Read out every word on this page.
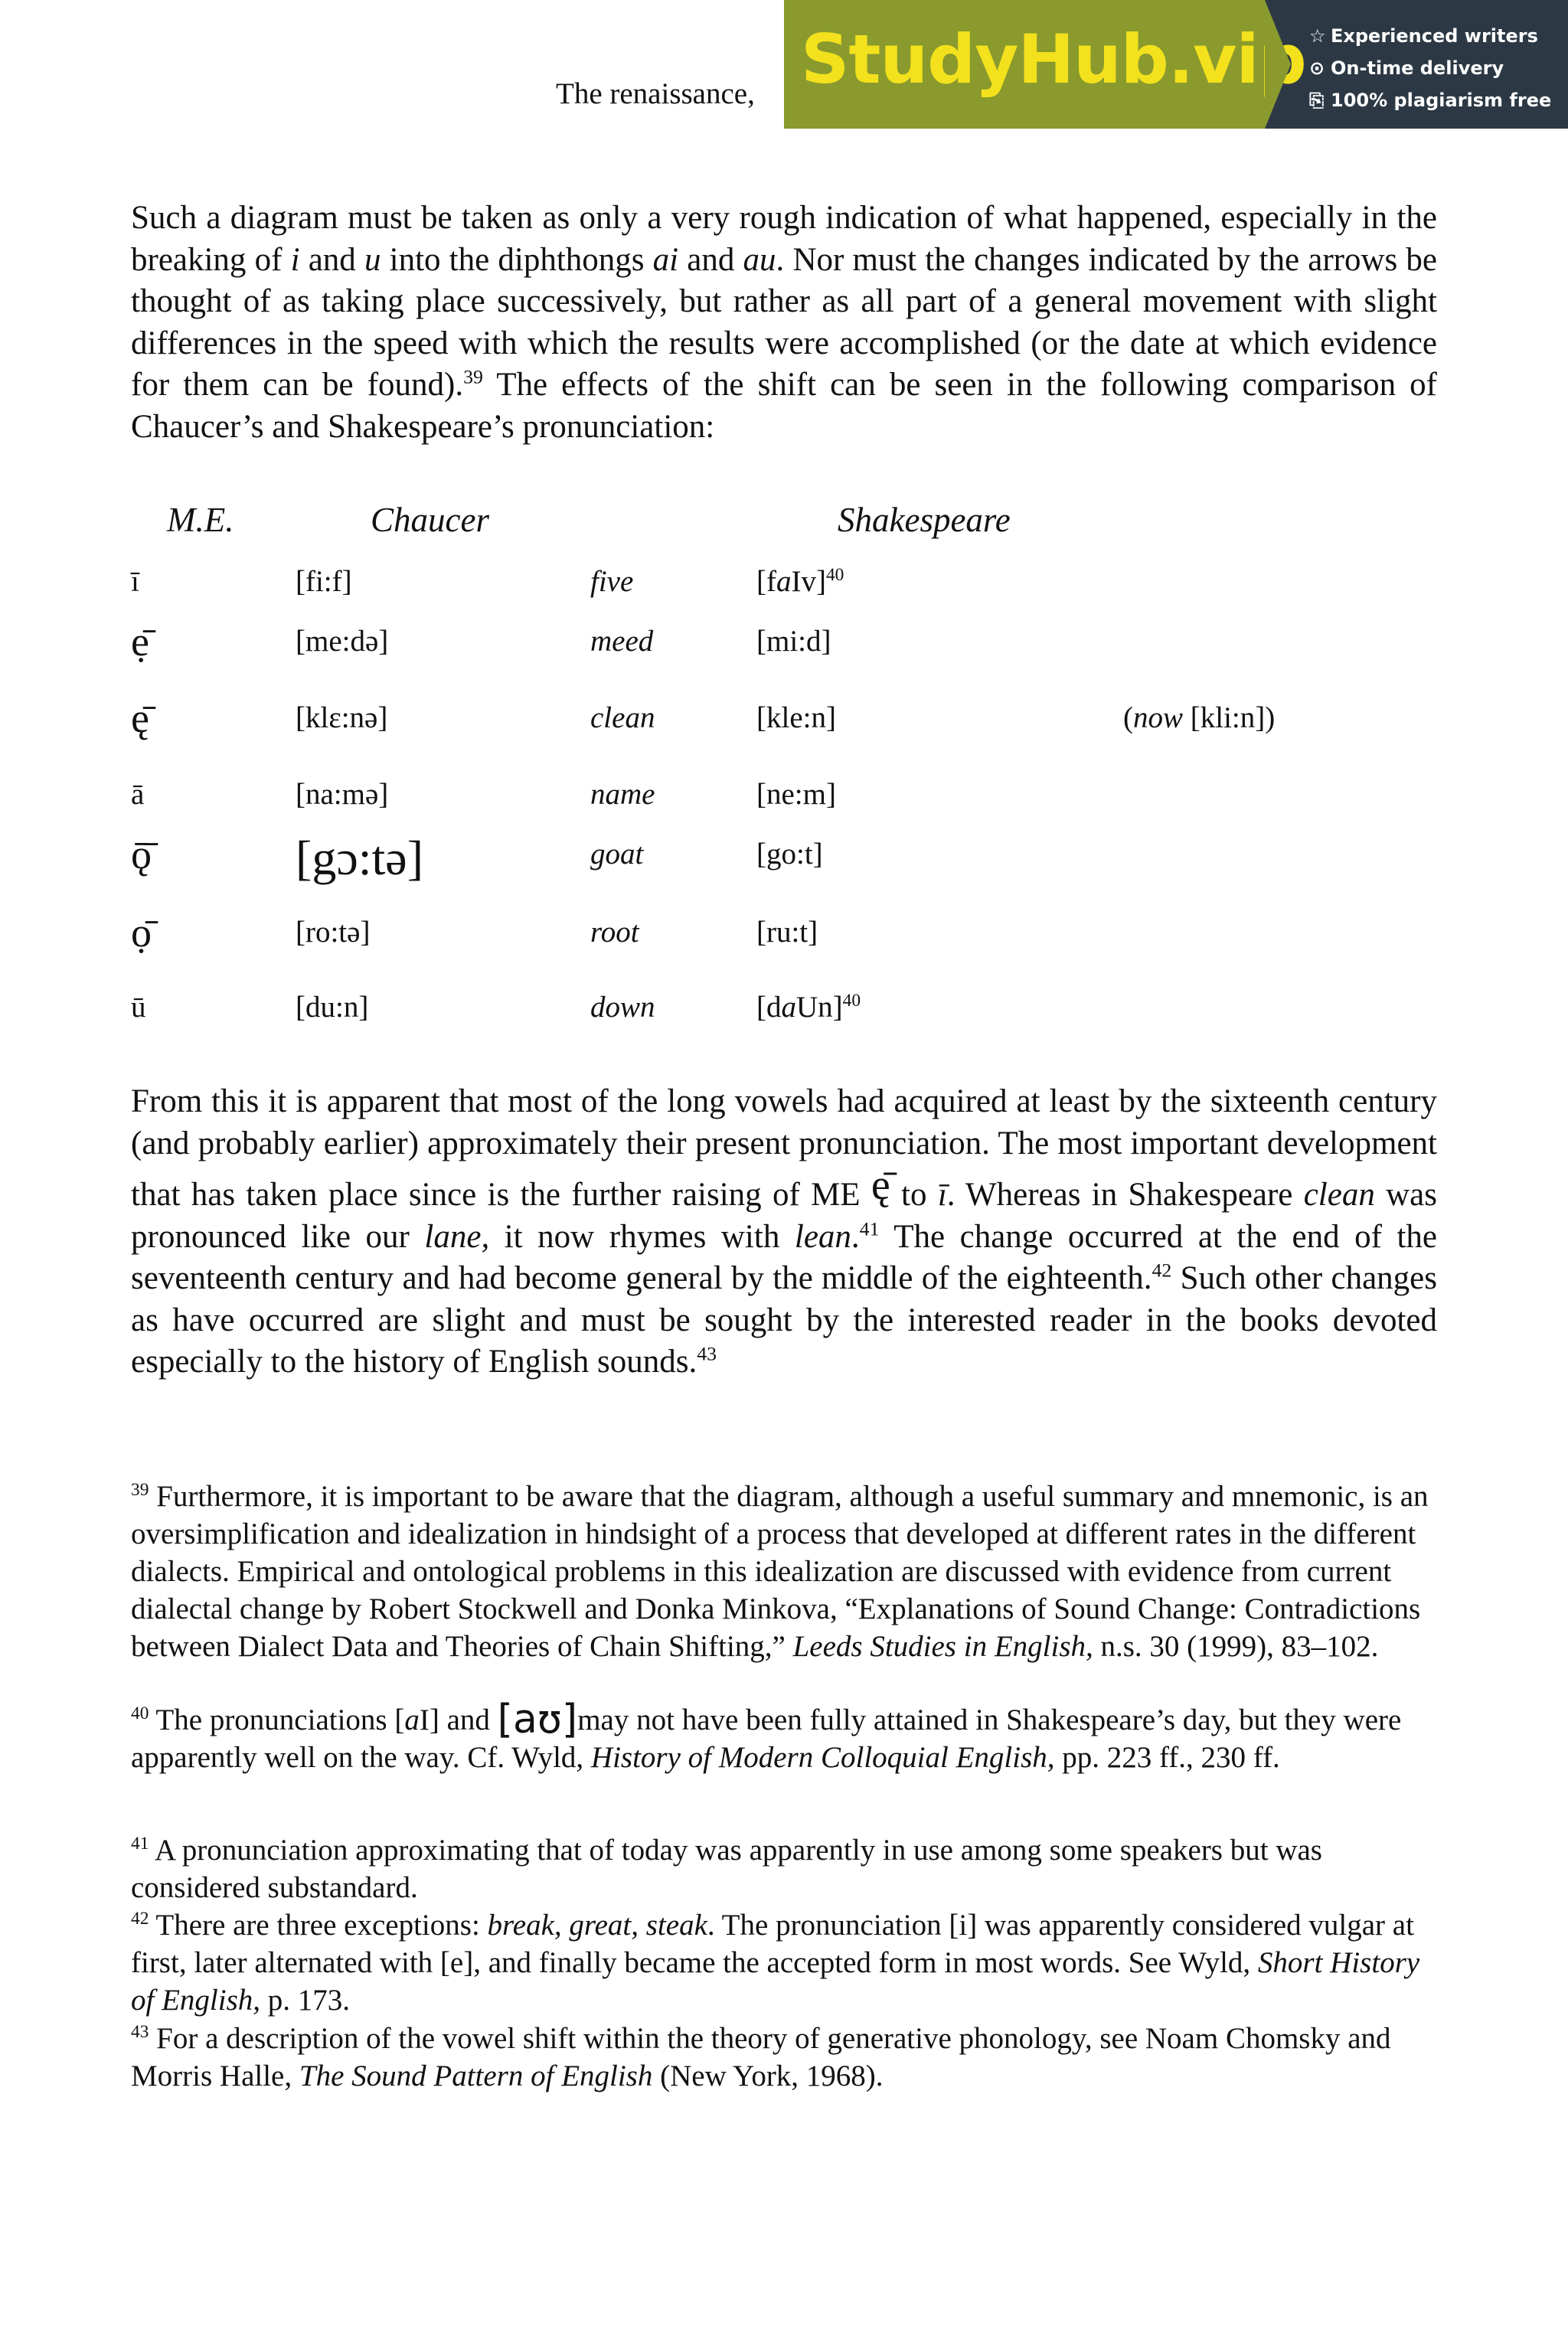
The renaissance, StudyHub.vip ☆ Experienced writers
⊙ On-time delivery
⎘ 100% plagiarism free
Such a diagram must be taken as only a very rough indication of what happened, especially in the breaking of i and u into the diphthongs ai and au. Nor must the changes indicated by the arrows be thought of as taking place successively, but rather as all part of a general movement with slight differences in the speed with which the results were accomplished (or the date at which evidence for them can be found).$^{39}$ The effects of the shift can be seen in the following comparison of Chaucer’s and Shakespeare’s pronunciation:
M.E.	Chaucer	Shakespeare
ī	[fi:f]	five	[faIv]$^{40}$
ẹ̄	[me:də]	meed	[mi:d]
ę̄	[klɛ:nə]	clean	[kle:n]	(now [kli:n])
ā	[na:mə]	name	[ne:m]
ǭ̄	[gɔ:tə]	goat	[go:t]
ọ̄	[ro:tə]	root	[ru:t]
ū	[du:n]	down	[daUn]$^{40}$
From this it is apparent that most of the long vowels had acquired at least by the sixteenth century (and probably earlier) approximately their present pronunciation. The most important development that has taken place since is the further raising of ME ę̄ to ī. Whereas in Shakespeare clean was pronounced like our lane, it now rhymes with lean.$^{41}$ The change occurred at the end of the seventeenth century and had become general by the middle of the eighteenth.$^{42}$ Such other changes as have occurred are slight and must be sought by the interested reader in the books devoted especially to the history of English sounds.$^{43}$
$^{39}$ Furthermore, it is important to be aware that the diagram, although a useful summary and mnemonic, is an oversimplification and idealization in hindsight of a process that developed at different rates in the different dialects. Empirical and ontological problems in this idealization are discussed with evidence from current dialectal change by Robert Stockwell and Donka Minkova, “Explanations of Sound Change: Contradictions between Dialect Data and Theories of Chain Shifting,” Leeds Studies in English, n.s. 30 (1999), 83–102.
$^{40}$ The pronunciations [aI] and [aʊ]may not have been fully attained in Shakespeare’s day, but they were apparently well on the way. Cf. Wyld, History of Modern Colloquial English, pp. 223 ff., 230 ff.
$^{41}$ A pronunciation approximating that of today was apparently in use among some speakers but was considered substandard.
$^{42}$ There are three exceptions: break, great, steak. The pronunciation [i] was apparently considered vulgar at first, later alternated with [e], and finally became the accepted form in most words. See Wyld, Short History of English, p. 173.
$^{43}$ For a description of the vowel shift within the theory of generative phonology, see Noam Chomsky and Morris Halle, The Sound Pattern of English (New York, 1968).
